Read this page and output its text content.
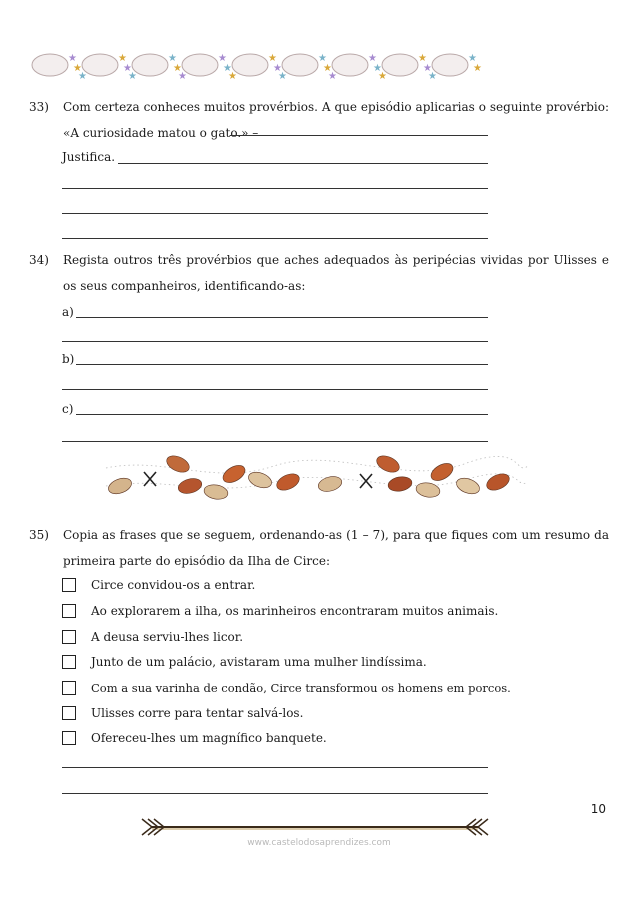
★
★
★
★
★
★
★
★
★
★
★
★
★
★
★
★
★
★
★
★
★
★
★
★
★
★
33) Com certeza conheces muitos provérbios. A que episódio aplicarias o seguinte provérbio: «A curiosidade matou o gato.» –
Justifica.
34) Regista outros três provérbios que aches adequados às peripécias vividas por Ulisses e os seus companheiros, identificando-as:
a)
b)
c)
35) Copia as frases que se seguem, ordenando-as (1 – 7), para que fiques com um resumo da primeira parte do episódio da Ilha de Circe:
Circe convidou-os a entrar.
Ao explorarem a ilha, os marinheiros encontraram muitos animais.
A deusa serviu-lhes licor.
Junto de um palácio, avistaram uma mulher lindíssima.
Com a sua varinha de condão, Circe transformou os homens em porcos.
Ulisses corre para tentar salvá-los.
Ofereceu-lhes um magnífico banquete.
10
www.castelodosaprendizes.com
